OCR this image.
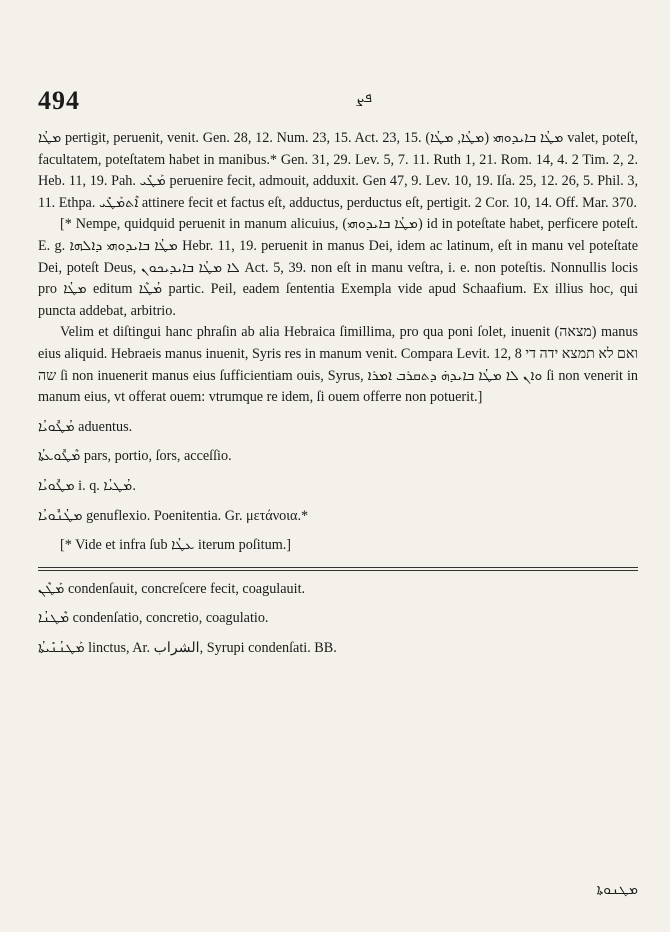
494	ܦܨ

ܡܛܳܐ pertigit, peruenit, venit. Gen. 28, 12. Num. 23, 15. Act. 23, 15. ܡܛܳܐ ܒܐܝܕܘܗܝ (ܡܛܳܐ, ܡܛܳܐ) valet, poteſt, facultatem, poteſtatem habet in manibus.* Gen. 31, 29. Lev. 5, 7. 11. Ruth 1, 21. Rom. 14, 4. 2 Tim. 2, 2. Heb. 11, 19. Pah. ܡܰܛܺܝ peruenire fecit, admouit, adduxit. Gen 47, 9. Lev. 10, 19. Iſa. 25, 12. 26, 5. Phil. 3, 11. Ethpa. ܐܶܬܡܰܛܺܝ attinere fecit et factus eſt, adductus, perductus eſt, pertigit. 2 Cor. 10, 14. Off. Mar. 370.

[* Nempe, quidquid peruenit in manum alicuius, (ܡܛܳܐ ܒܐܝܕܘܗܝ) id in poteſtate habet, perficere poteſt. E. g. ܡܛܳܐ ܒܐܝܕܘܗܝ ܕܐܠܗܐ Hebr. 11, 19. peruenit in manus Dei, idem ac latinum, eſt in manu vel poteſtate Dei, poteſt Deus, ܠܐ ܡܛܳܐ ܒܐܝܕܝܟܘܢ Act. 5, 39. non eſt in manu veſtra, i. e. non poteſtis. Nonnullis locis pro ܡܛܳܐ editum ܡܳܛܶܐ partic. Peil, eadem ſententia Exempla vide apud Schaafium. Ex illius hoc, qui puncta addebat, arbitrio.

Velim et diſtingui hanc phraſin ab alia Hebraica ſimillima, pro qua poni ſolet, inuenit (מצאה) manus eius aliquid. Hebraeis manus inuenit, Syris res in manum venit. Compara Levit. 12, 8 ואם לא תמצא ידה די שה ſi non inuenerit manus eius ſufficientiam ouis, Syrus, ܘܐܢ ܠܐ ܡܛܳܐ ܒܐܝܕܗ̇ ܕܬܩܪܒ ܐܡܪܐ ſi non venerit in manum eius, vt offerat ouem: vtrumque re idem, ſi ouem offerre non potuerit.]

ܡܳܛܽܘܝܳܐ aduentus.

ܡܶܛܽܘܥܬܳܐ pars, portio, ſors, acceſſio.

ܡܛܽܘܝܳܐ i. q. ܡܳܛܝܳܐ.

ܡܛܳܢܽܘܝܳܐ genuflexio. Poenitentia. Gr. μετάνοια.*

[* Vide et infra ſub ܥܛܳܐ iterum poſitum.]

ܡܰܛܶܢ condenſauit, concreſcere fecit, coagulauit.

ܡܶܛܢܳܐ condenſatio, concretio, coagulatio.

ܡܰܛܢܳܢܺܝܬܳܐ linctus, Ar. الشراب, Syrupi condenſati. BB.

ܡܛܢܘܬܐ
